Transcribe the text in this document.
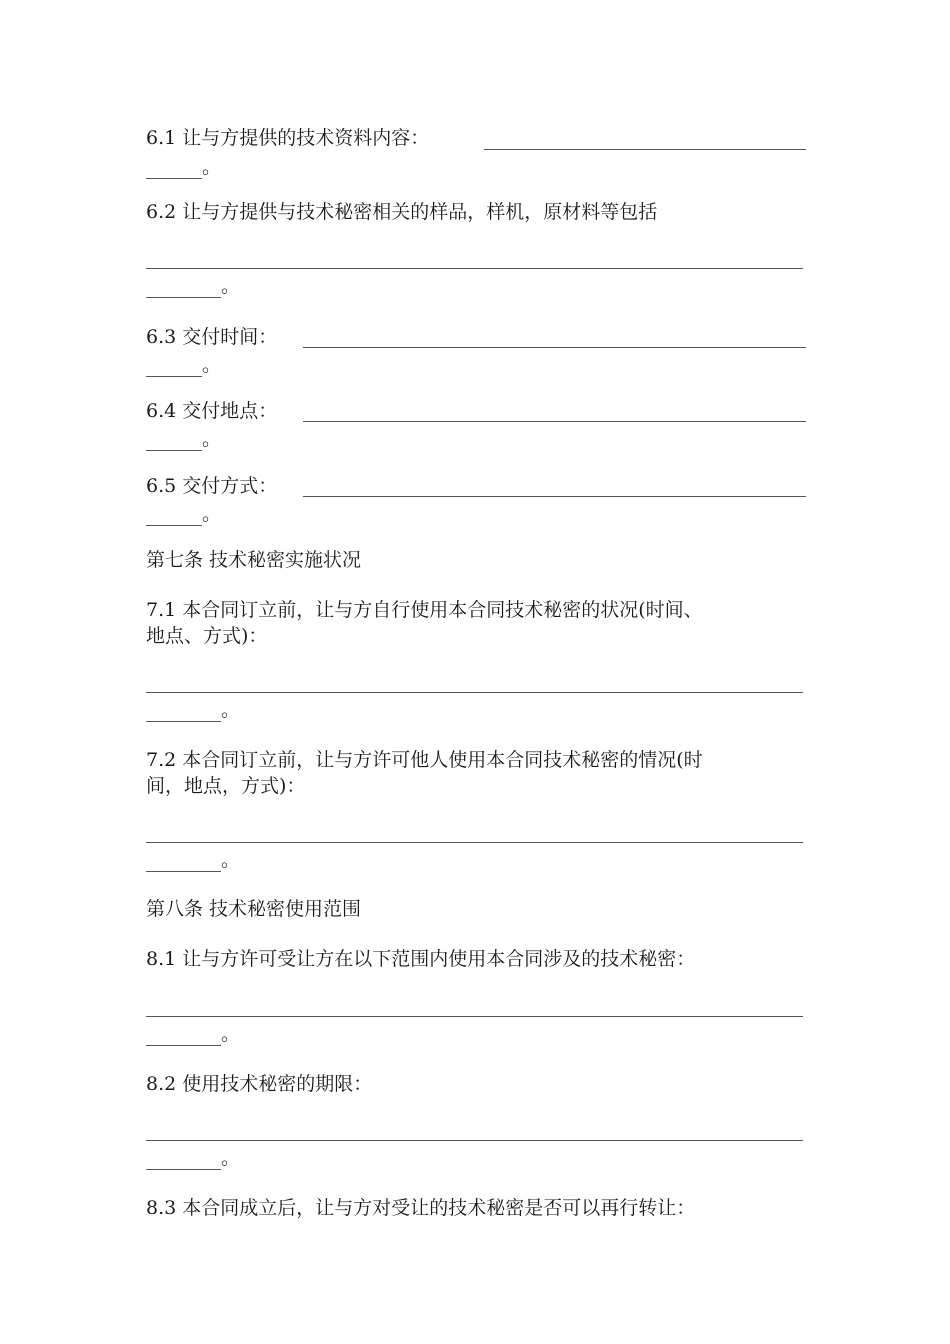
6.1 让与方提供的技术资料内容：
。
6.2 让与方提供与技术秘密相关的样品，样机，原材料等包括
。
6.3 交付时间：
。
6.4 交付地点：
。
6.5 交付方式：
。
第七条 技术秘密实施状况
7.1 本合同订立前，让与方自行使用本合同技术秘密的状况(时间、
地点、方式)：
。
7.2 本合同订立前，让与方许可他人使用本合同技术秘密的情况(时
间，地点，方式)：
。
第八条 技术秘密使用范围
8.1 让与方许可受让方在以下范围内使用本合同涉及的技术秘密：
。
8.2 使用技术秘密的期限：
。
8.3 本合同成立后，让与方对受让的技术秘密是否可以再行转让：
